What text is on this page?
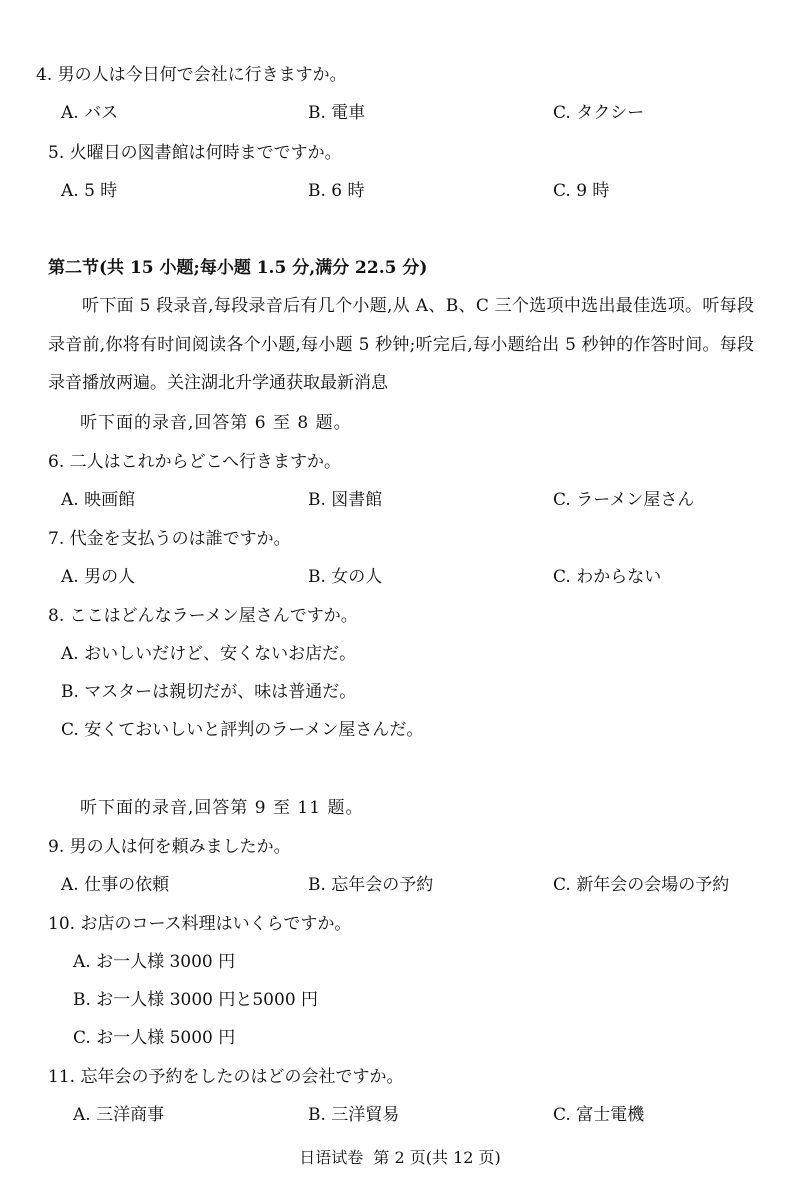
4. 男の人は今日何で会社に行きますか。
A. バス	B. 電車	C. タクシー
5. 火曜日の図書館は何時までですか。
A. 5 時	B. 6 時	C. 9 時
第二节(共 15 小题;每小题 1.5 分,满分 22.5 分)
听下面 5 段录音,每段录音后有几个小题,从 A、B、C 三个选项中选出最佳选项。听每段录音前,你将有时间阅读各个小题,每小题 5 秒钟;听完后,每小题给出 5 秒钟的作答时间。每段录音播放两遍。关注湖北升学通获取最新消息
听下面的录音,回答第 6 至 8 题。
6. 二人はこれからどこへ行きますか。
A. 映画館	B. 図書館	C. ラーメン屋さん
7. 代金を支払うのは誰ですか。
A. 男の人	B. 女の人	C. わからない
8. ここはどんなラーメン屋さんですか。
A. おいしいだけど、安くないお店だ。
B. マスターは親切だが、味は普通だ。
C. 安くておいしいと評判のラーメン屋さんだ。
听下面的录音,回答第 9 至 11 题。
9. 男の人は何を頼みましたか。
A. 仕事の依頼	B. 忘年会の予約	C. 新年会の会場の予約
10. お店のコース料理はいくらですか。
A. お一人様 3000 円
B. お一人様 3000 円と5000 円
C. お一人様 5000 円
11. 忘年会の予約をしたのはどの会社ですか。
A. 三洋商事	B. 三洋貿易	C. 富士電機
日语试卷  第 2 页(共 12 页)
